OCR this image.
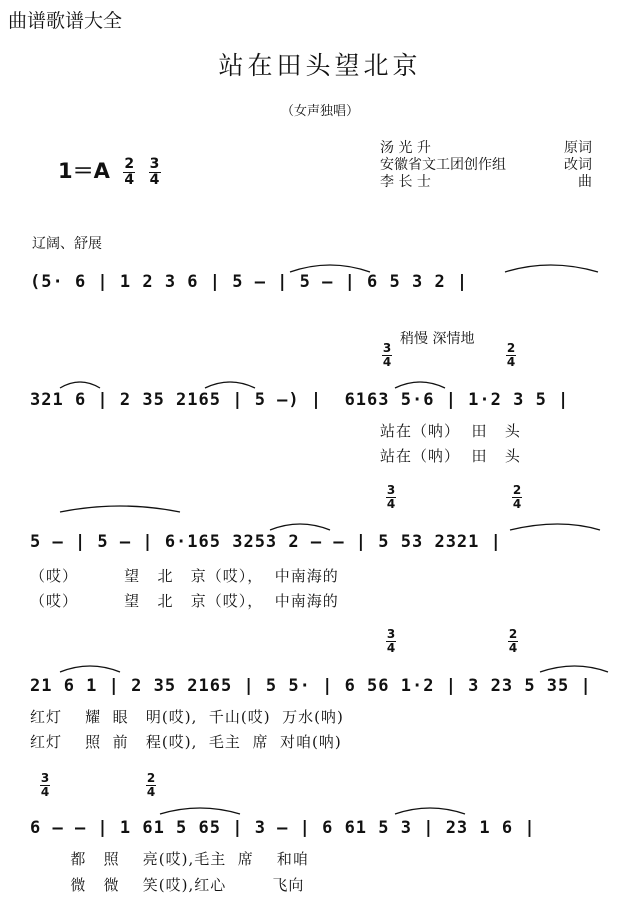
曲谱歌谱大全
站在田头望北京
（女声独唱）
汤 光 升	原词
安徽省文工团创作组	改词
李 长 士	曲
$1=A \frac{2}{4}$
$\frac{3}{4}$
辽阔、舒展
稍慢 深情地
(5· 6 | 1 2 3 6 | 5 — | 5 — | 6 5 3 2 |
3
4
2
4
321 6 | 2 35 2165 | 5 —) |  6163 5·6 | 1·2 3 5 |
站在（呐）  田   头
站在（呐）  田   头
3
4
2
4
5 — | 5 — | 6·165 3253 2 — — | 5 53 2321 |
（哎）        望   北   京（哎），  中南海的
（哎）        望   北   京（哎），  中南海的
3
4
2
4
21 6 1 | 2 35 2165 | 5 5· | 6 56 1·2 | 3 23 5 35 |
红灯    耀  眼   明(哎),  千山(哎)  万水(呐)
红灯    照  前   程(哎),  毛主  席  对咱(呐)
3
4
2
4
6 — — | 1 61 5 65 | 3 — | 6 61 5 3 | 23 1 6 |
都   照    亮(哎),毛主  席    和咱
微   微    笑(哎),红心        飞向
